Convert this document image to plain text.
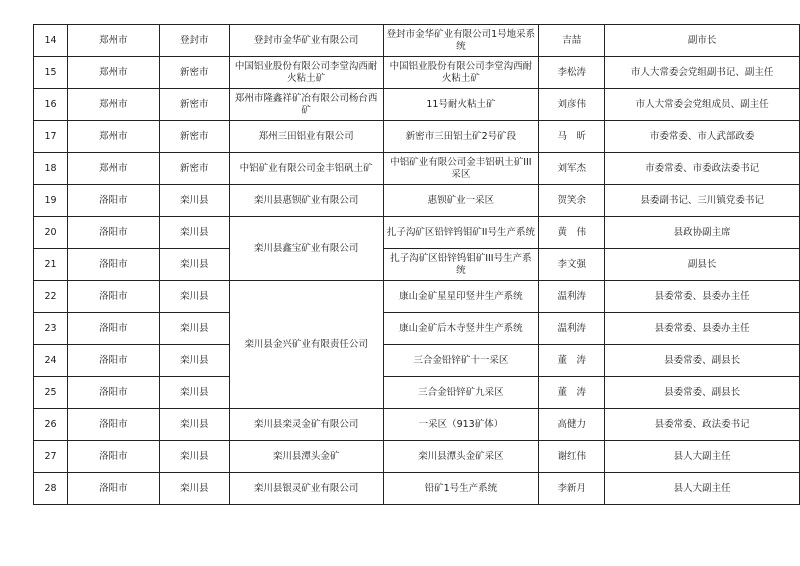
14	郑州市	登封市	登封市金华矿业有限公司	登封市金华矿业有限公司1号地采系统	吉喆	副市长
15	郑州市	新密市	中国铝业股份有限公司李堂沟西耐火粘土矿	中国铝业股份有限公司李堂沟西耐火粘土矿	李松涛	市人大常委会党组副书记、副主任
16	郑州市	新密市	郑州市隆鑫祥矿冶有限公司杨台西矿	11号耐火粘土矿	刘彦伟	市人大常委会党组成员、副主任
17	郑州市	新密市	郑州三田铝业有限公司	新密市三田铝土矿2号矿段	马　昕	市委常委、市人武部政委
18	郑州市	新密市	中铝矿业有限公司金丰铝矾土矿	中铝矿业有限公司金丰铝矾土矿III采区	刘军杰	市委常委、市委政法委书记
19	洛阳市	栾川县	栾川县惠钡矿业有限公司	惠钡矿业一采区	贺笑余	县委副书记、三川镇党委书记
20	洛阳市	栾川县	栾川县鑫宝矿业有限公司	扎子沟矿区铅锌钨钼矿II号生产系统	黄　伟	县政协副主席
21	洛阳市	栾川县		扎子沟矿区铅锌钨钼矿III号生产系统	李文强	副县长
22	洛阳市	栾川县	栾川县金兴矿业有限责任公司	康山金矿星星印竖井生产系统	温利涛	县委常委、县委办主任
23	洛阳市	栾川县		康山金矿后木寺竖井生产系统	温利涛	县委常委、县委办主任
24	洛阳市	栾川县		三合金铅锌矿十一采区	董　涛	县委常委、副县长
25	洛阳市	栾川县		三合金铅锌矿九采区	董　涛	县委常委、副县长
26	洛阳市	栾川县	栾川县栾灵金矿有限公司	一采区（913矿体）	高健力	县委常委、政法委书记
27	洛阳市	栾川县	栾川县潭头金矿	栾川县潭头金矿采区	谢红伟	县人大副主任
28	洛阳市	栾川县	栾川县银灵矿业有限公司	铅矿1号生产系统	李新月	县人大副主任
